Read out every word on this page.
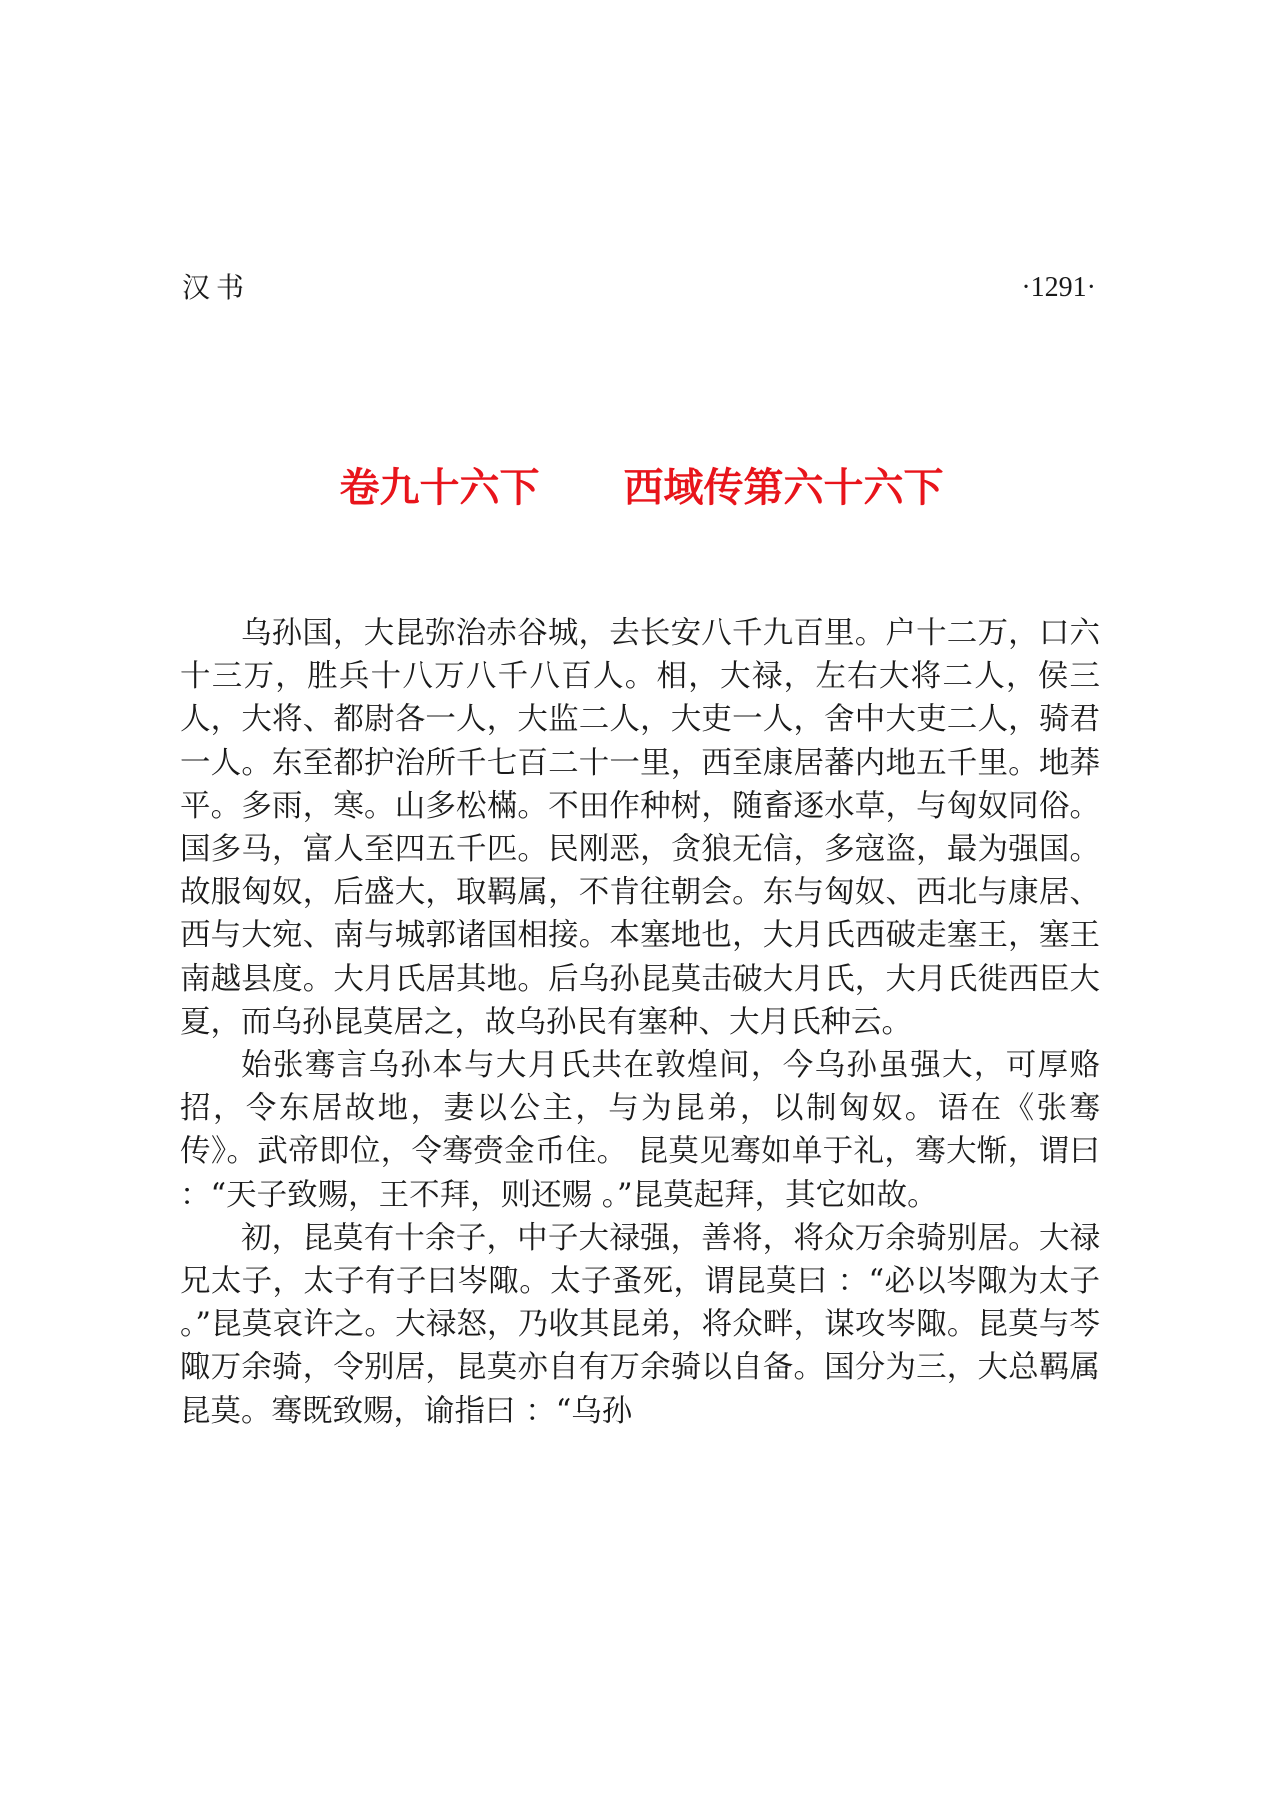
汉书	·1291·
卷九十六下 西域传第六十六下

乌孙国，大昆弥治赤谷城，去长安八千九百里。户十二万，口六十三万，胜兵十八万八千八百人。相，大禄，左右大将二人，侯三人，大将、都尉各一人，大监二人，大吏一人，舍中大吏二人，骑君一人。东至都护治所千七百二十一里，西至康居蕃内地五千里。地莽平。多雨，寒。山多松樠。不田作种树，随畜逐水草，与匈奴同俗。国多马，富人至四五千匹。民刚恶，贪狼无信，多寇盗，最为强国。故服匈奴，后盛大，取羁属，不肯往朝会。东与匈奴、西北与康居、西与大宛、南与城郭诸国相接。本塞地也，大月氏西破走塞王，塞王南越县度。大月氏居其地。后乌孙昆莫击破大月氏，大月氏徙西臣大夏，而乌孙昆莫居之，故乌孙民有塞种、大月氏种云。

始张骞言乌孙本与大月氏共在敦煌间，今乌孙虽强大，可厚赂招，令东居故地，妻以公主，与为昆弟，以制匈奴。语在《张骞传》。武帝即位，令骞赍金币住。 昆莫见骞如单于礼，骞大惭，谓曰 ：“天子致赐，王不拜，则还赐 。”昆莫起拜，其它如故。

初，昆莫有十余子，中子大禄强，善将，将众万余骑别居。大禄兄太子，太子有子曰岑陬。太子蚤死，谓昆莫曰 ：“必以岑陬为太子 。”昆莫哀许之。大禄怒，乃收其昆弟，将众畔，谋攻岑陬。昆莫与芩陬万余骑，令别居，昆莫亦自有万余骑以自备。国分为三，大总羁属昆莫。骞既致赐，谕指曰 ：“乌孙
